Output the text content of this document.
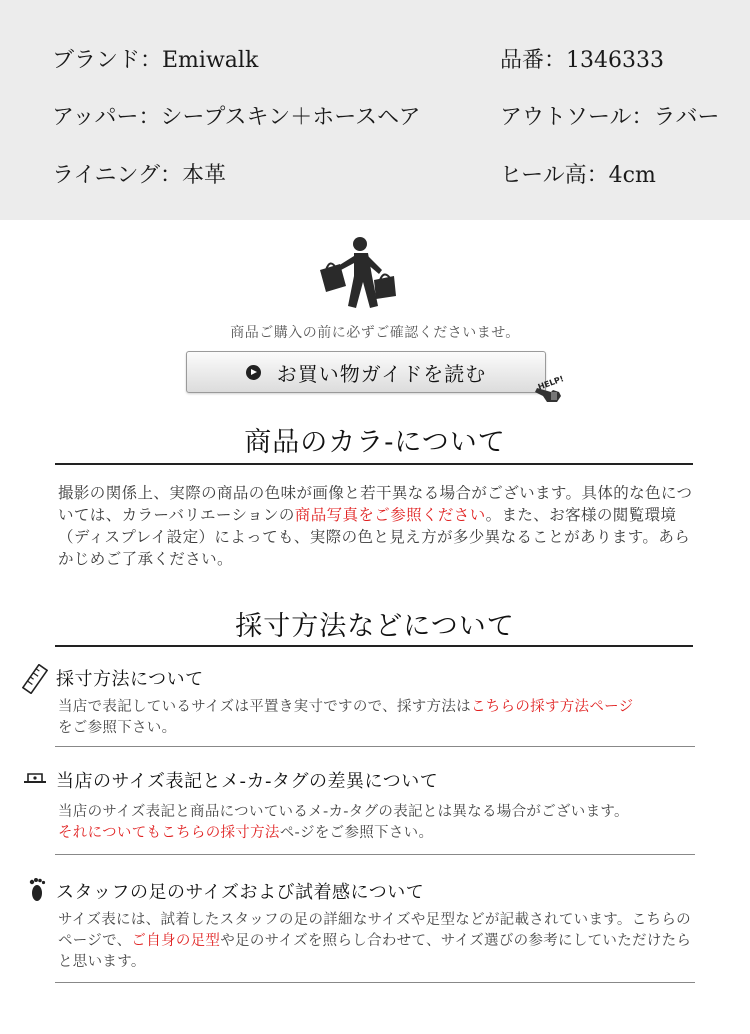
ブランド：Emiwalk	品番：1346333
アッパー：シープスキン＋ホースヘア	アウトソール：ラバー
ライニング：本革	ヒール高：4cm
商品ご購入の前に必ずご確認くださいませ。
お買い物ガイドを読む	HELP!
商品のカラ-について
撮影の関係上、実際の商品の色味が画像と若干異なる場合がございます。具体的な色については、カラーバリエーションの商品写真をご参照ください。また、お客様の閲覧環境（ディスプレイ設定）によっても、実際の色と見え方が多少異なることがあります。あらかじめご了承ください。
採寸方法などについて
採寸方法について
当店で表記しているサイズは平置き実寸ですので、採す方法はこちらの採す方法ページ
をご参照下さい。
当店のサイズ表記とメ-カ-タグの差異について
当店のサイズ表記と商品についているメ-カ-タグの表記とは異なる場合がございます。
それについてもこちらの採寸方法ペ-ジをご参照下さい。
スタッフの足のサイズおよび試着感について
サイズ表には、試着したスタッフの足の詳細なサイズや足型などが記載されています。こちらのページで、ご自身の足型や足のサイズを照らし合わせて、サイズ選びの参考にしていただけたらと思います。
